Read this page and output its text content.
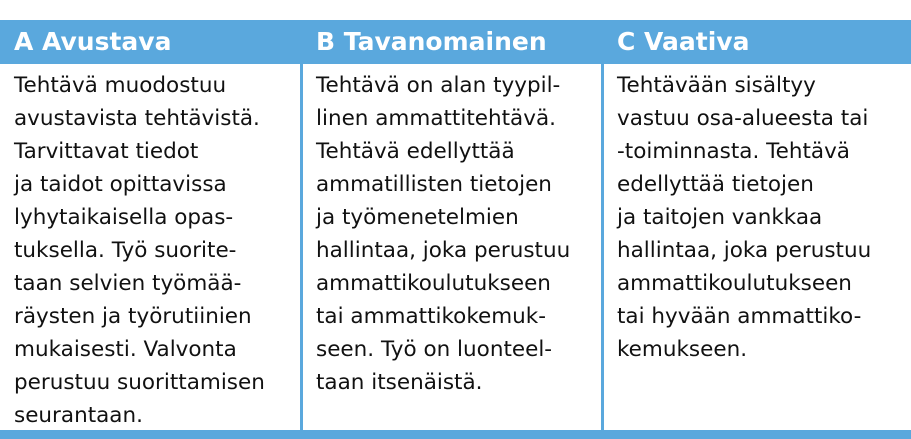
A Avustava	B Tavanomainen	C Vaativa
Tehtävä muodostuu
avustavista tehtävistä.
Tarvittavat tiedot
ja taidot opittavissa
lyhytaikaisella opas-
tuksella. Työ suorite-
taan selvien työmää-
räysten ja työrutiinien
mukaisesti. Valvonta
perustuu suorittamisen
seurantaan.
Tehtävä on alan tyypil-
linen ammattitehtävä.
Tehtävä edellyttää
ammatillisten tietojen
ja työmenetelmien
hallintaa, joka perustuu
ammattikoulutukseen
tai ammattikokemuk-
seen. Työ on luonteel-
taan itsenäistä.
Tehtävään sisältyy
vastuu osa-alueesta tai
-toiminnasta. Tehtävä
edellyttää tietojen
ja taitojen vankkaa
hallintaa, joka perustuu
ammattikoulutukseen
tai hyvään ammattiko-
kemukseen.
